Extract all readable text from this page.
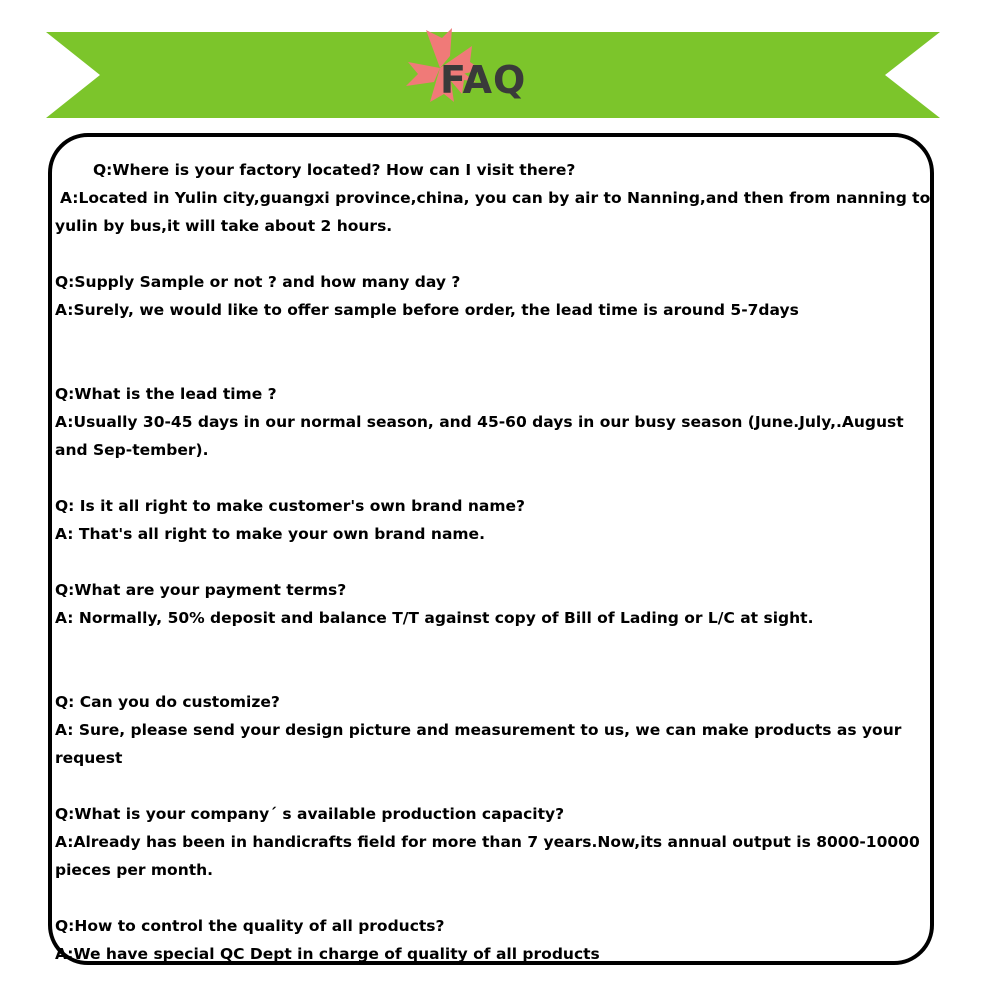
FAQ

Q:Where is your factory located? How can I visit there?

A:Located in Yulin city,guangxi province,china, you can by air to Nanning,and then from nanning to yulin by bus,it will take about 2 hours.

Q:Supply Sample or not ? and how many day ?

A:Surely, we would like to offer sample before order, the lead time is around 5-7days

Q:What is the lead time ?

A:Usually 30-45 days in our normal season, and 45-60 days in our busy season (June.July,.August and Sep-tember).

Q: Is it all right to make customer's own brand name?

A: That's all right to make your own brand name.

Q:What are your payment terms?

A: Normally, 50% deposit and balance T/T against copy of Bill of Lading or L/C at sight.

Q: Can you do customize?

A: Sure, please send your design picture and measurement to us, we can make products as your request

Q:What is your company´ s available production capacity?

A:Already has been in handicrafts field for more than 7 years.Now,its annual output is 8000-10000 pieces per month.

Q:How to control the quality of all products?

A:We have special QC Dept in charge of quality of all products
